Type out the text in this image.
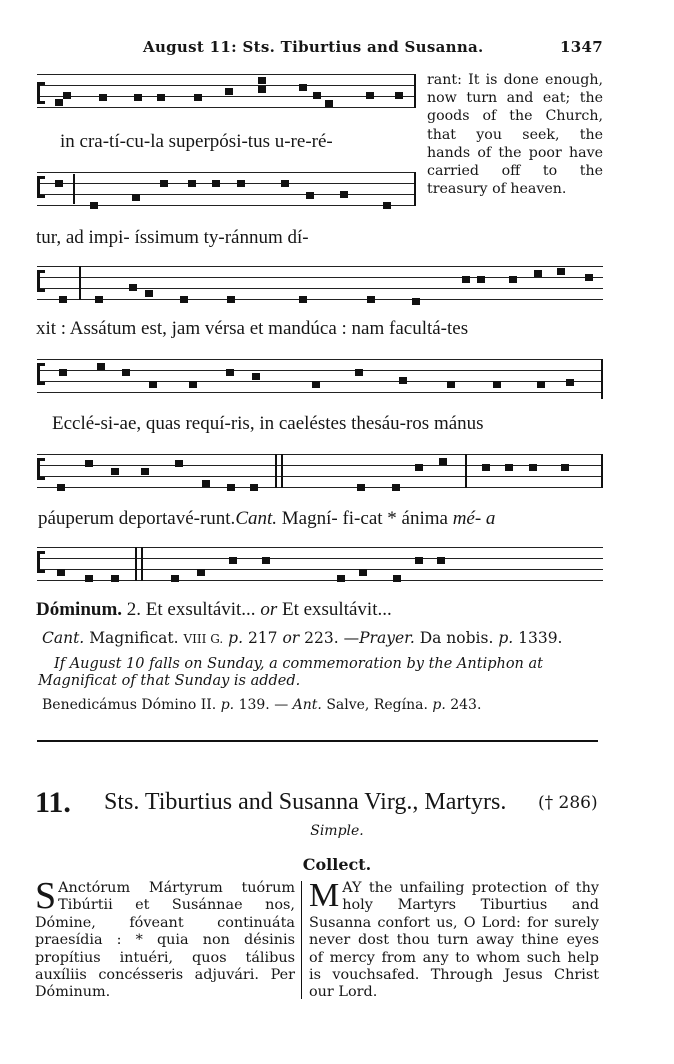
August 11: Sts. Tiburtius and Susanna.	1347
rant: It is done enough, now turn and eat; the goods of the Church, that you seek, the hands of the poor have carried off to the treasury of heaven.
in cra-tí-cu-la superpósi-tus u-re-ré-
tur, ad impi- íssimum ty-ránnum dí-
xit : Assátum est, jam vérsa et mandúca : nam facultá-tes
Ecclé-si-ae, quas requí-ris, in caeléstes thesáu-ros mánus
páuperum deportavé-runt.Cant. Magní- fi-cat * ánima mé- a
Dóminum. 2. Et exsultávit... or Et exsultávit...
Cant. Magnificat. VIII G. p. 217 or 223. —Prayer. Da nobis. p. 1339.
If August 10 falls on Sunday, a commemoration by the Antiphon at
Magnificat of that Sunday is added.
Benedicámus Dómino II. p. 139. — Ant. Salve, Regína. p. 243.
11. Sts. Tiburtius and Susanna Virg., Martyrs. († 286)
Simple.
Collect.
S Anctórum Mártyrum tuórum Tibúrtii et Susánnae nos, Dómine, fóveant continuáta praesídia : * quia non désinis propítius intuéri, quos tálibus auxíliis concésseris adjuvári. Per Dóminum.
MAY the unfailing protection of thy holy Martyrs Tiburtius and Susanna confort us, O Lord: for surely never dost thou turn away thine eyes of mercy from any to whom such help is vouchsafed. Through Jesus Christ our Lord.
